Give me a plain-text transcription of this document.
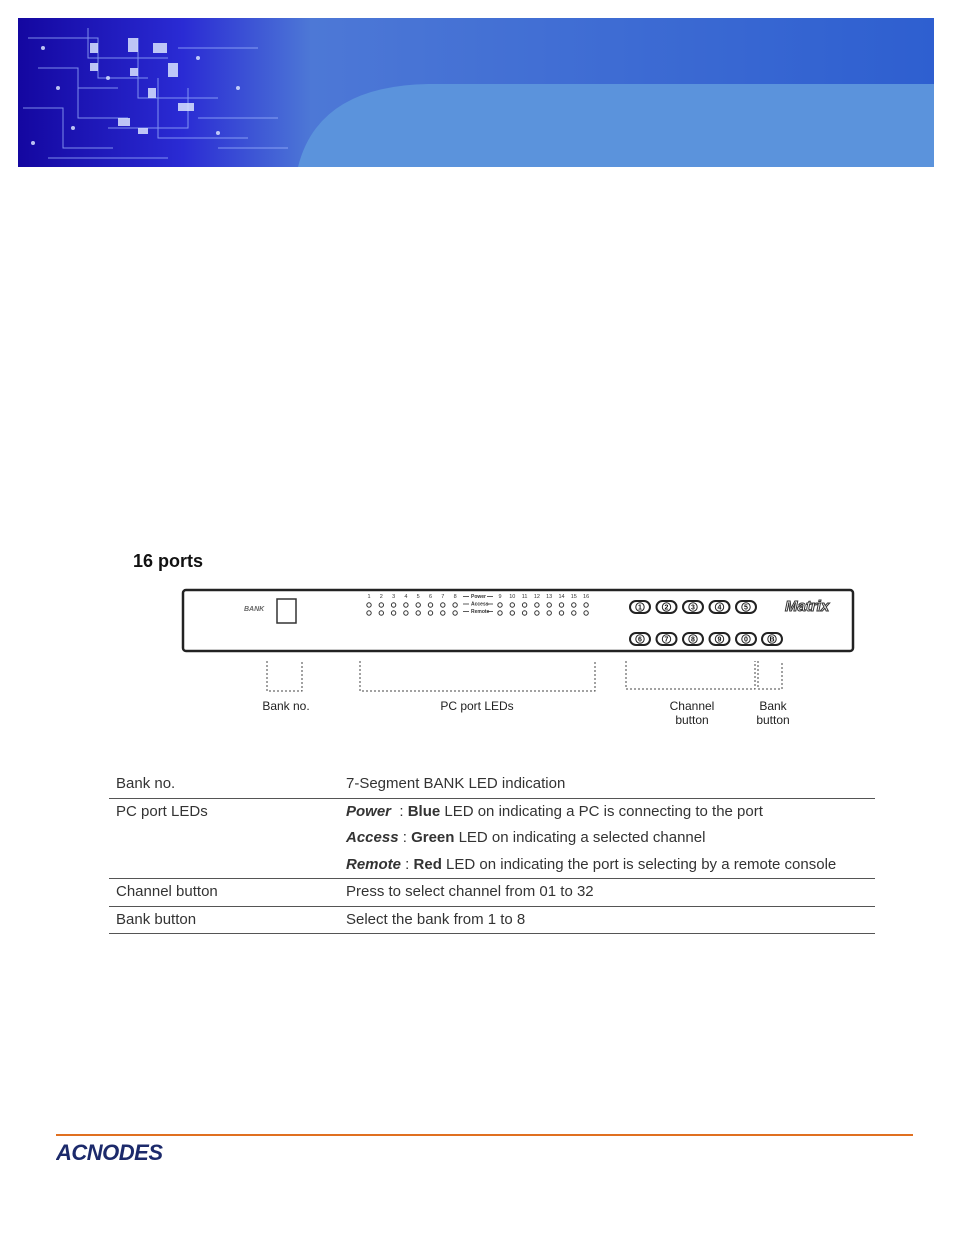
16 ports
BANK
1 2 3 4 5 6 7 8	9 10 11 12 13 14 15 16
Power
Access
Remote
1	2	3	4	5
6	7	8	9	0	B
Matrix
Bank no.	PC port LEDs	Channel
button
Bank
button
Bank no.	7-Segment BANK LED indication

PC port LEDs	Power  : Blue LED on indicating a PC is connecting to the port
Access : Green LED on indicating a selected channel
Remote : Red LED on indicating the port is selecting by a remote console

Channel button	Press to select channel from 01 to 32

Bank button	Select the bank from 1 to 8
ACNODES
